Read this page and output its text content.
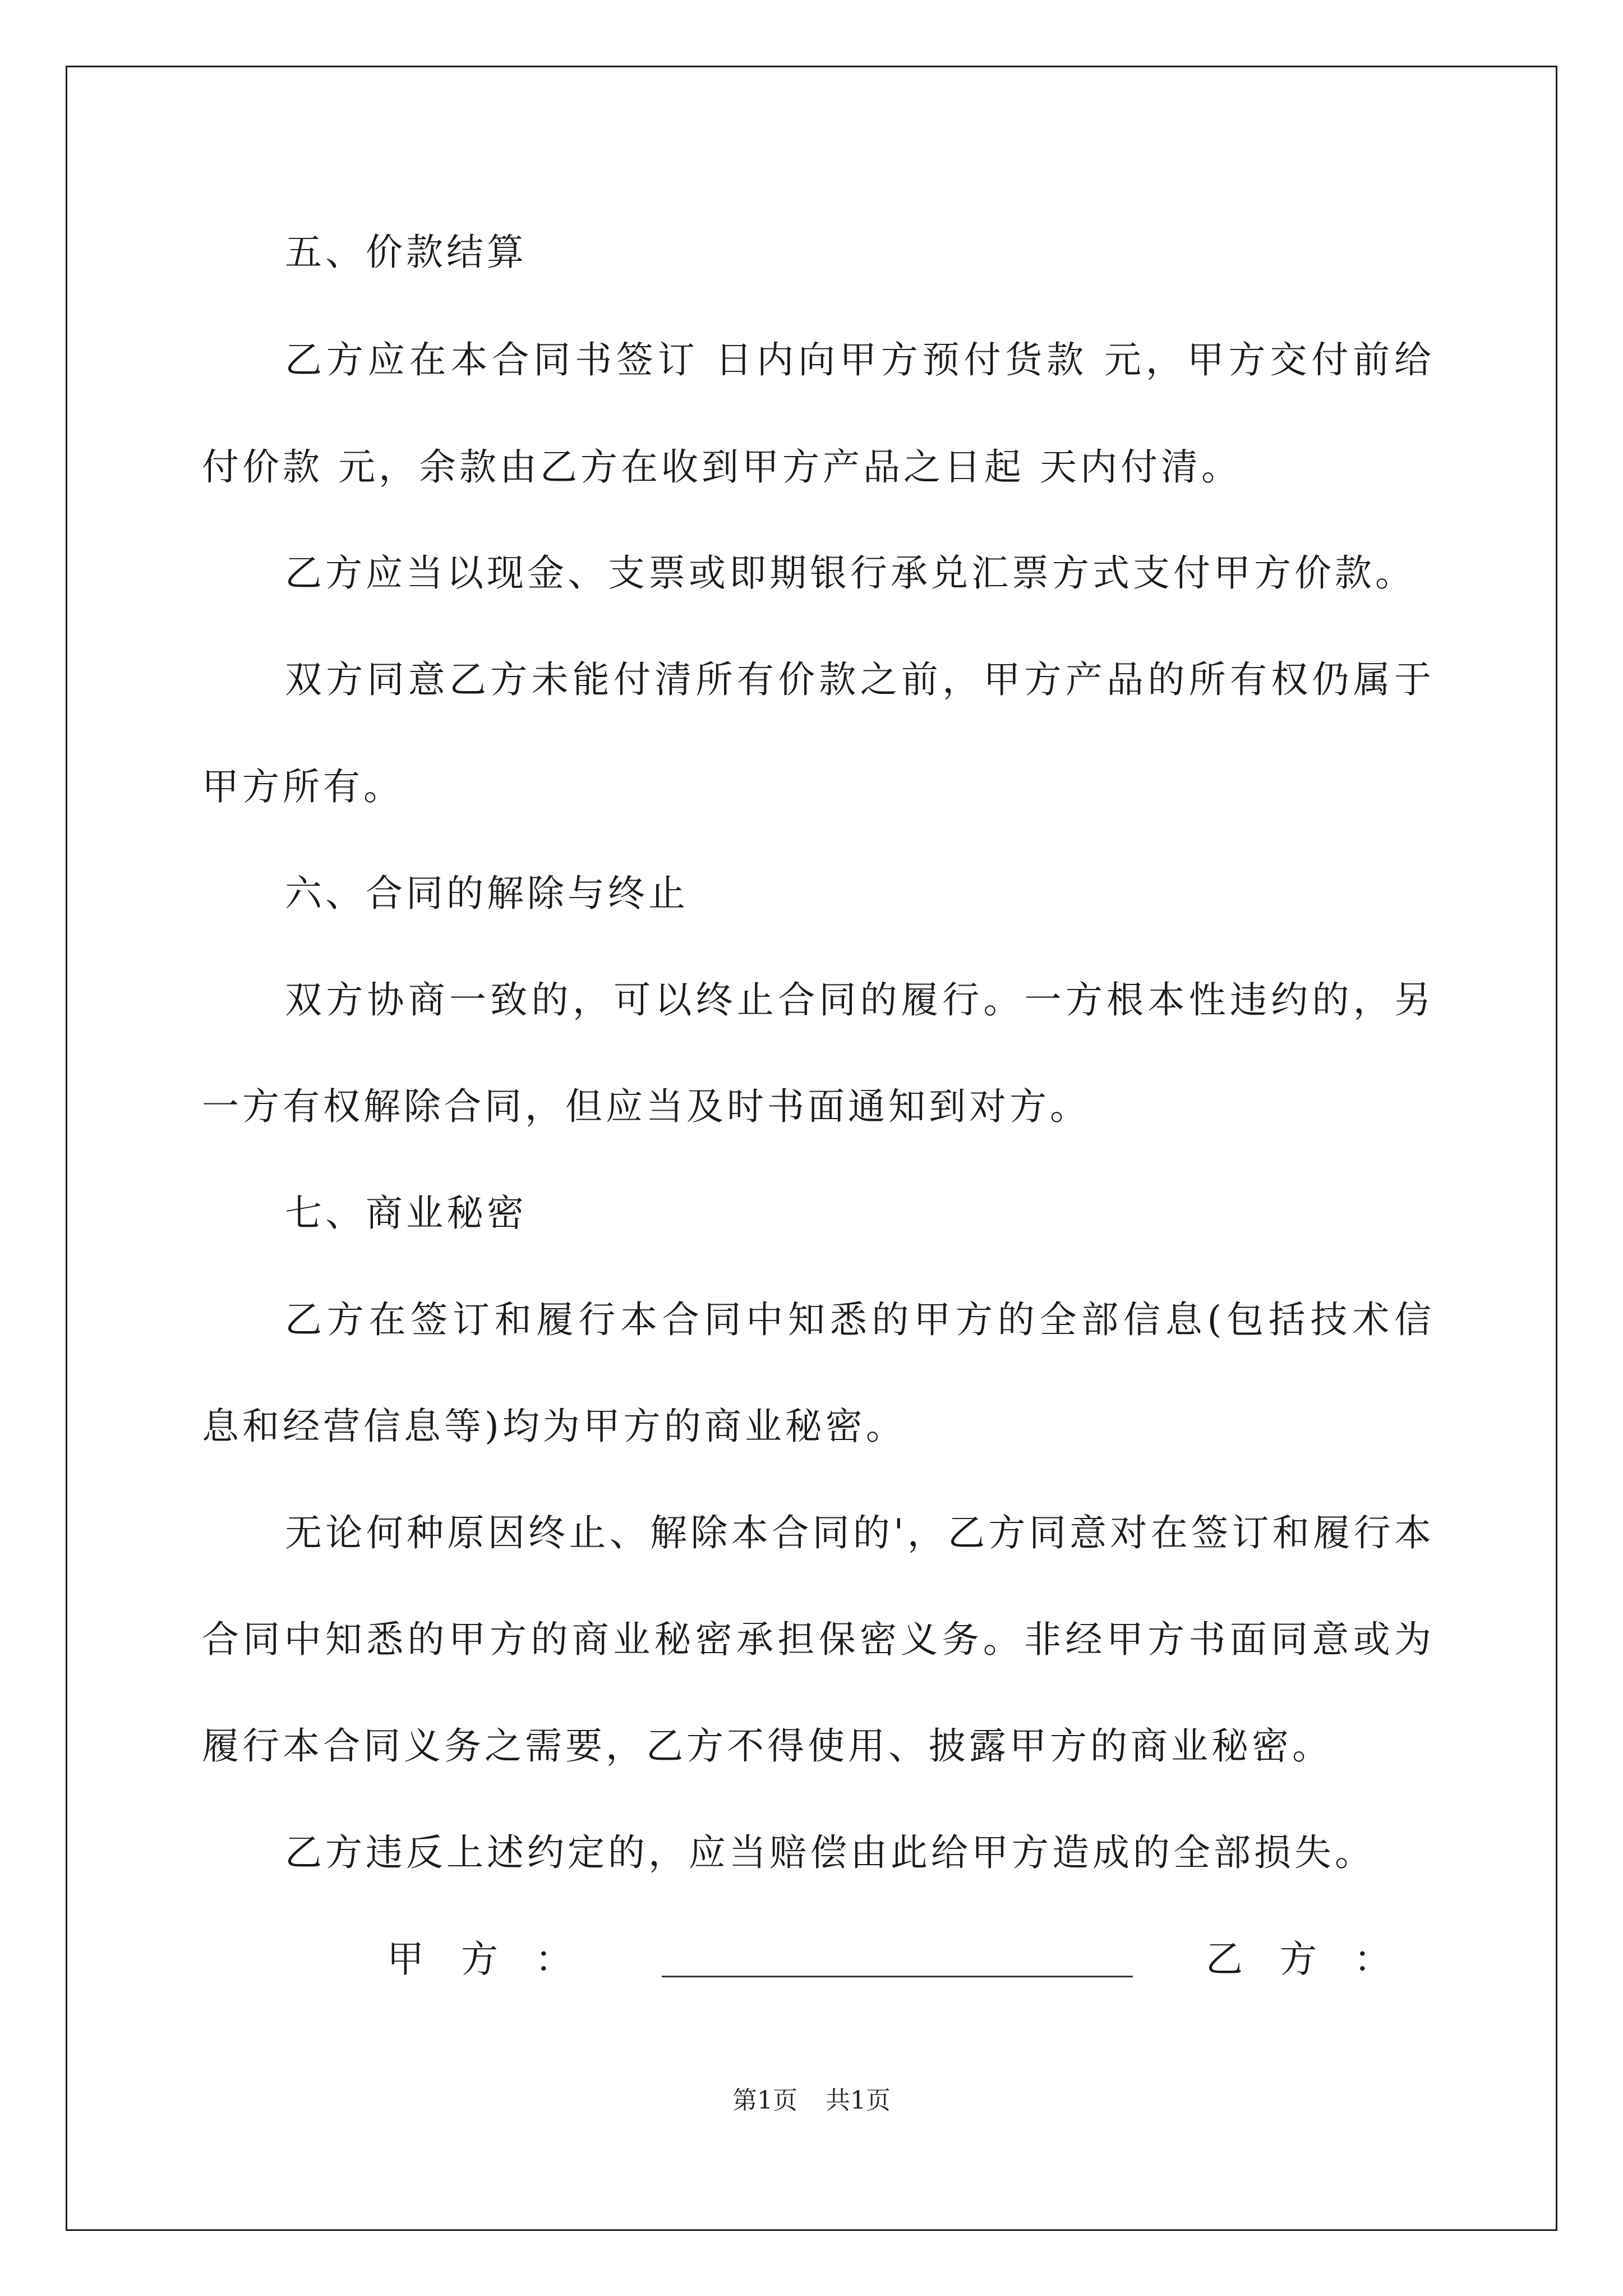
五、价款结算
乙方应在本合同书签订 日内向甲方预付货款 元，甲方交付前给
付价款 元，余款由乙方在收到甲方产品之日起 天内付清。
乙方应当以现金、支票或即期银行承兑汇票方式支付甲方价款。
双方同意乙方未能付清所有价款之前，甲方产品的所有权仍属于
甲方所有。
六、合同的解除与终止
双方协商一致的，可以终止合同的履行。一方根本性违约的，另
一方有权解除合同，但应当及时书面通知到对方。
七、商业秘密
乙方在签订和履行本合同中知悉的甲方的全部信息(包括技术信
息和经营信息等)均为甲方的商业秘密。
无论何种原因终止、解除本合同的'，乙方同意对在签订和履行本
合同中知悉的甲方的商业秘密承担保密义务。非经甲方书面同意或为
履行本合同义务之需要，乙方不得使用、披露甲方的商业秘密。
乙方违反上述约定的，应当赔偿由此给甲方造成的全部损失。
甲方：	乙方：
第1页 共1页
